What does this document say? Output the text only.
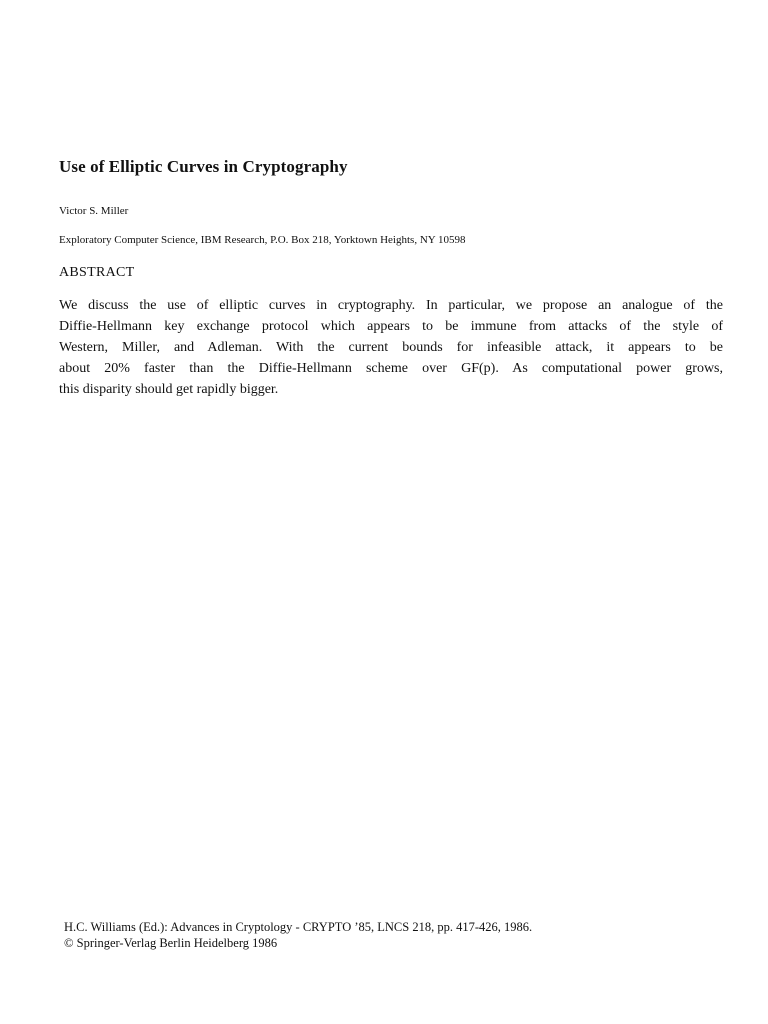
Use of Elliptic Curves in Cryptography
Victor S. Miller
Exploratory Computer Science, IBM Research, P.O. Box 218, Yorktown Heights, NY 10598
ABSTRACT
We discuss the use of elliptic curves in cryptography. In particular, we propose an analogue of the
Diffie-Hellmann key exchange protocol which appears to be immune from attacks of the style of
Western, Miller, and Adleman. With the current bounds for infeasible attack, it appears to be
about 20% faster than the Diffie-Hellmann scheme over GF(p). As computational power grows,
this disparity should get rapidly bigger.
H.C. Williams (Ed.): Advances in Cryptology - CRYPTO ’85, LNCS 218, pp. 417-426, 1986.
© Springer-Verlag Berlin Heidelberg 1986
